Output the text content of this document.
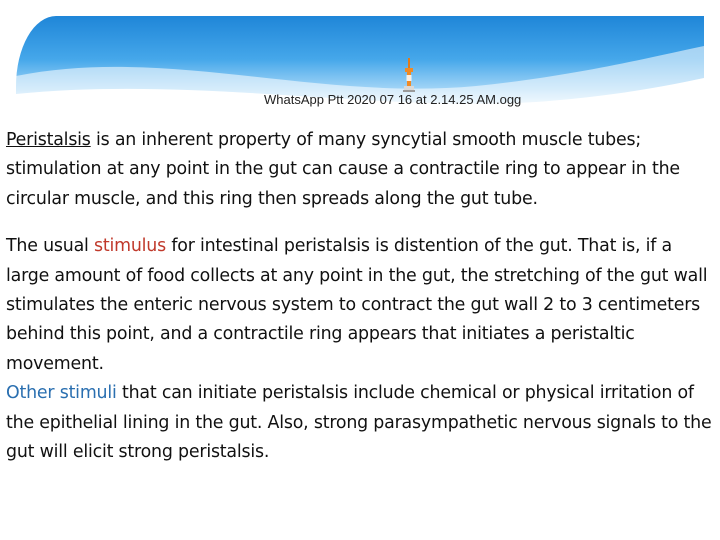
WhatsApp Ptt 2020 07 16 at 2.14.25 AM.ogg

Peristalsis is an inherent property of many syncytial smooth muscle tubes; stimulation at any point in the gut can cause a contractile ring to appear in the circular muscle, and this ring then spreads along the gut tube.

The usual stimulus for intestinal peristalsis is distention of the gut. That is, if a large amount of food collects at any point in the gut, the stretching of the gut wall stimulates the enteric nervous system to contract the gut wall 2 to 3 centimeters behind this point, and a contractile ring appears that initiates a peristaltic movement.

Other stimuli that can initiate peristalsis include chemical or physical irritation of the epithelial lining in the gut. Also, strong parasympathetic nervous signals to the gut will elicit strong peristalsis.
